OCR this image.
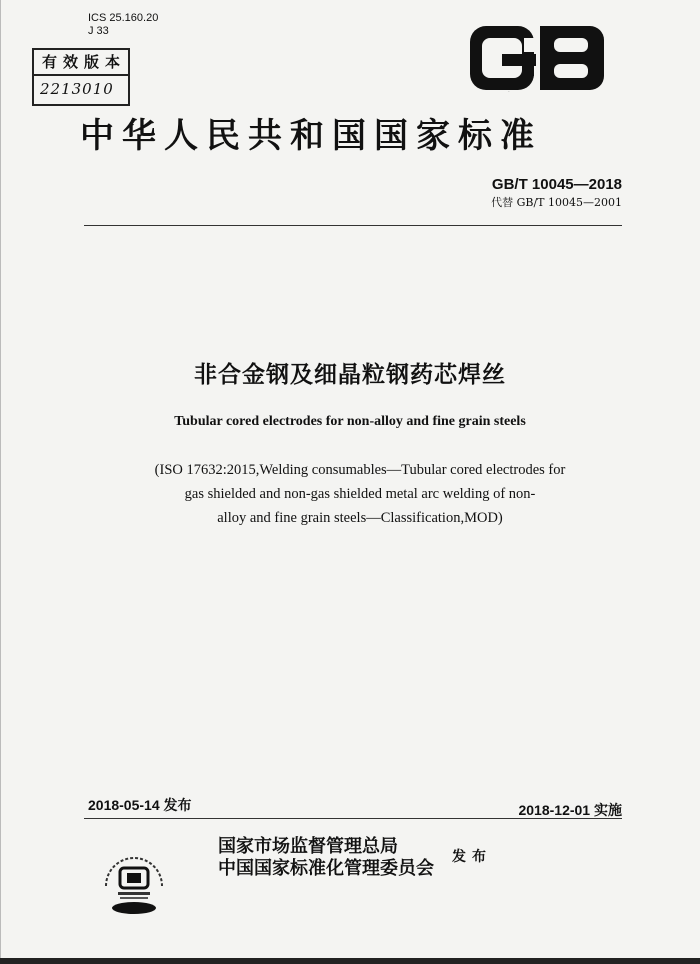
ICS 25.160.20
J 33
有效版本
2213010	GB
中华人民共和国国家标准
GB/T 10045—2018
代替 GB/T 10045—2001
非合金钢及细晶粒钢药芯焊丝
Tubular cored electrodes for non-alloy and fine grain steels
(ISO 17632:2015,Welding consumables—Tubular cored electrodes for
gas shielded and non-gas shielded metal arc welding of non-
alloy and fine grain steels—Classification,MOD)
2018-05-14 发布	2018-12-01 实施
国家市场监督管理总局
中国国家标准化管理委员会
发布
